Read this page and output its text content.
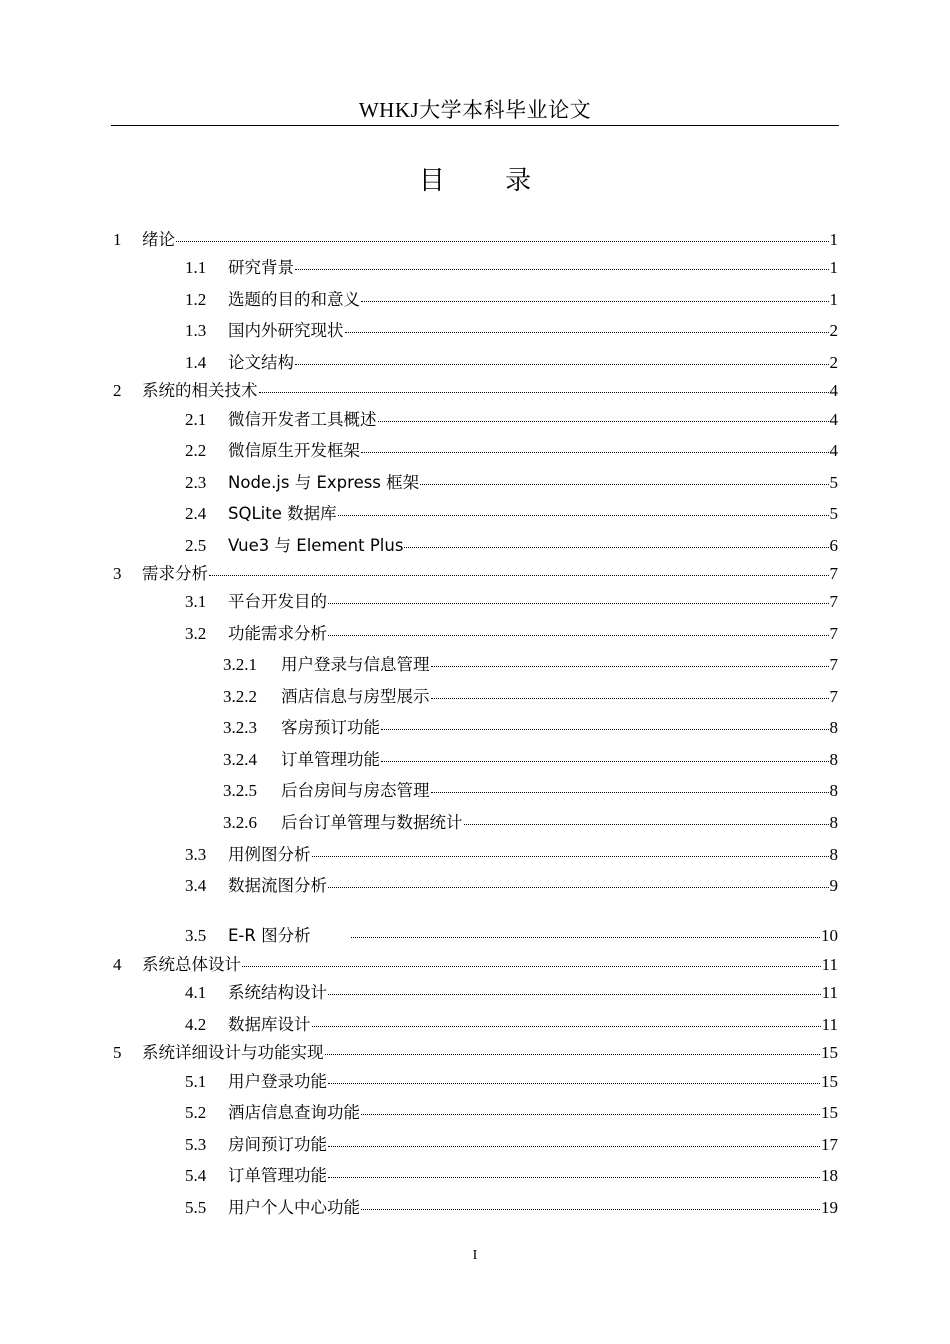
WHKJ大学本科毕业论文
目 录
1	绪论	1
1.1	研究背景	1
1.2	选题的目的和意义	1
1.3	国内外研究现状	2
1.4	论文结构	2
2	系统的相关技术	4
2.1	微信开发者工具概述	4
2.2	微信原生开发框架	4
2.3	Node.js 与 Express 框架	5
2.4	SQLite 数据库	5
2.5	Vue3 与 Element Plus	6
3	需求分析	7
3.1	平台开发目的	7
3.2	功能需求分析	7
3.2.1	用户登录与信息管理	7
3.2.2	酒店信息与房型展示	7
3.2.3	客房预订功能	8
3.2.4	订单管理功能	8
3.2.5	后台房间与房态管理	8
3.2.6	后台订单管理与数据统计	8
3.3	用例图分析	8
3.4	数据流图分析	9
3.5	E-R 图分析	10
4	系统总体设计	11
4.1	系统结构设计	11
4.2	数据库设计	11
5	系统详细设计与功能实现	15
5.1	用户登录功能	15
5.2	酒店信息查询功能	15
5.3	房间预订功能	17
5.4	订单管理功能	18
5.5	用户个人中心功能	19
I
